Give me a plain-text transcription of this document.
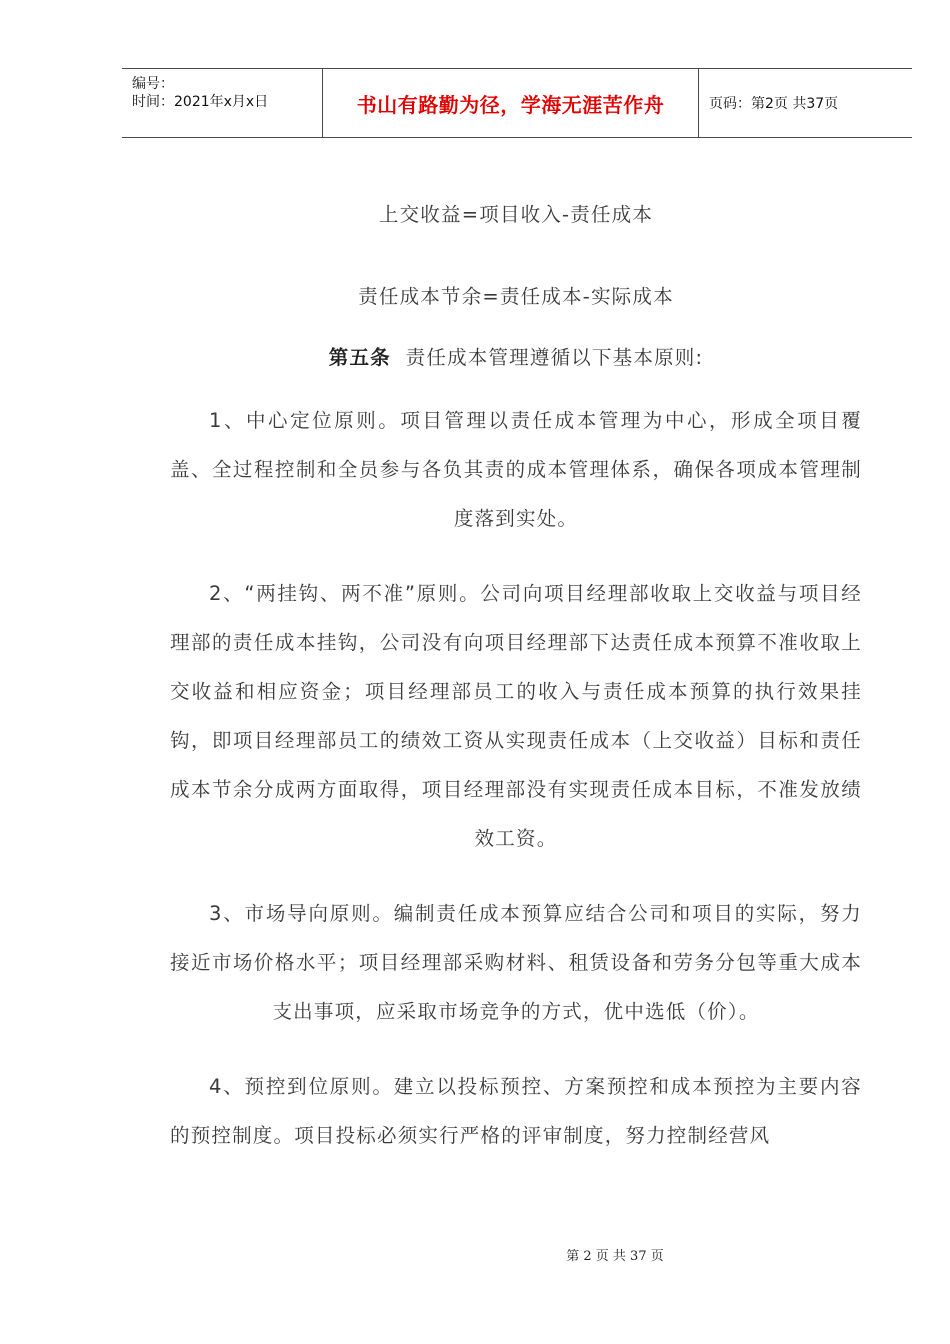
编号：
时间：2021年x月x日	书山有路勤为径，学海无涯苦作舟	页码：第2页 共37页
上交收益=项目收入-责任成本
责任成本节余=责任成本-实际成本
第五条 责任成本管理遵循以下基本原则:

1、中心定位原则。项目管理以责任成本管理为中心，形成全项目覆盖、全过程控制和全员参与各负其责的成本管理体系，确保各项成本管理制度落到实处。

2、“两挂钩、两不准”原则。公司向项目经理部收取上交收益与项目经理部的责任成本挂钩，公司没有向项目经理部下达责任成本预算不准收取上交收益和相应资金；项目经理部员工的收入与责任成本预算的执行效果挂钩，即项目经理部员工的绩效工资从实现责任成本（上交收益）目标和责任成本节余分成两方面取得，项目经理部没有实现责任成本目标，不准发放绩效工资。

3、市场导向原则。编制责任成本预算应结合公司和项目的实际，努力接近市场价格水平；项目经理部采购材料、租赁设备和劳务分包等重大成本支出事项，应采取市场竞争的方式，优中选低（价）。

4、预控到位原则。建立以投标预控、方案预控和成本预控为主要内容的预控制度。项目投标必须实行严格的评审制度，努力控制经营风

第 2 页 共 37 页
